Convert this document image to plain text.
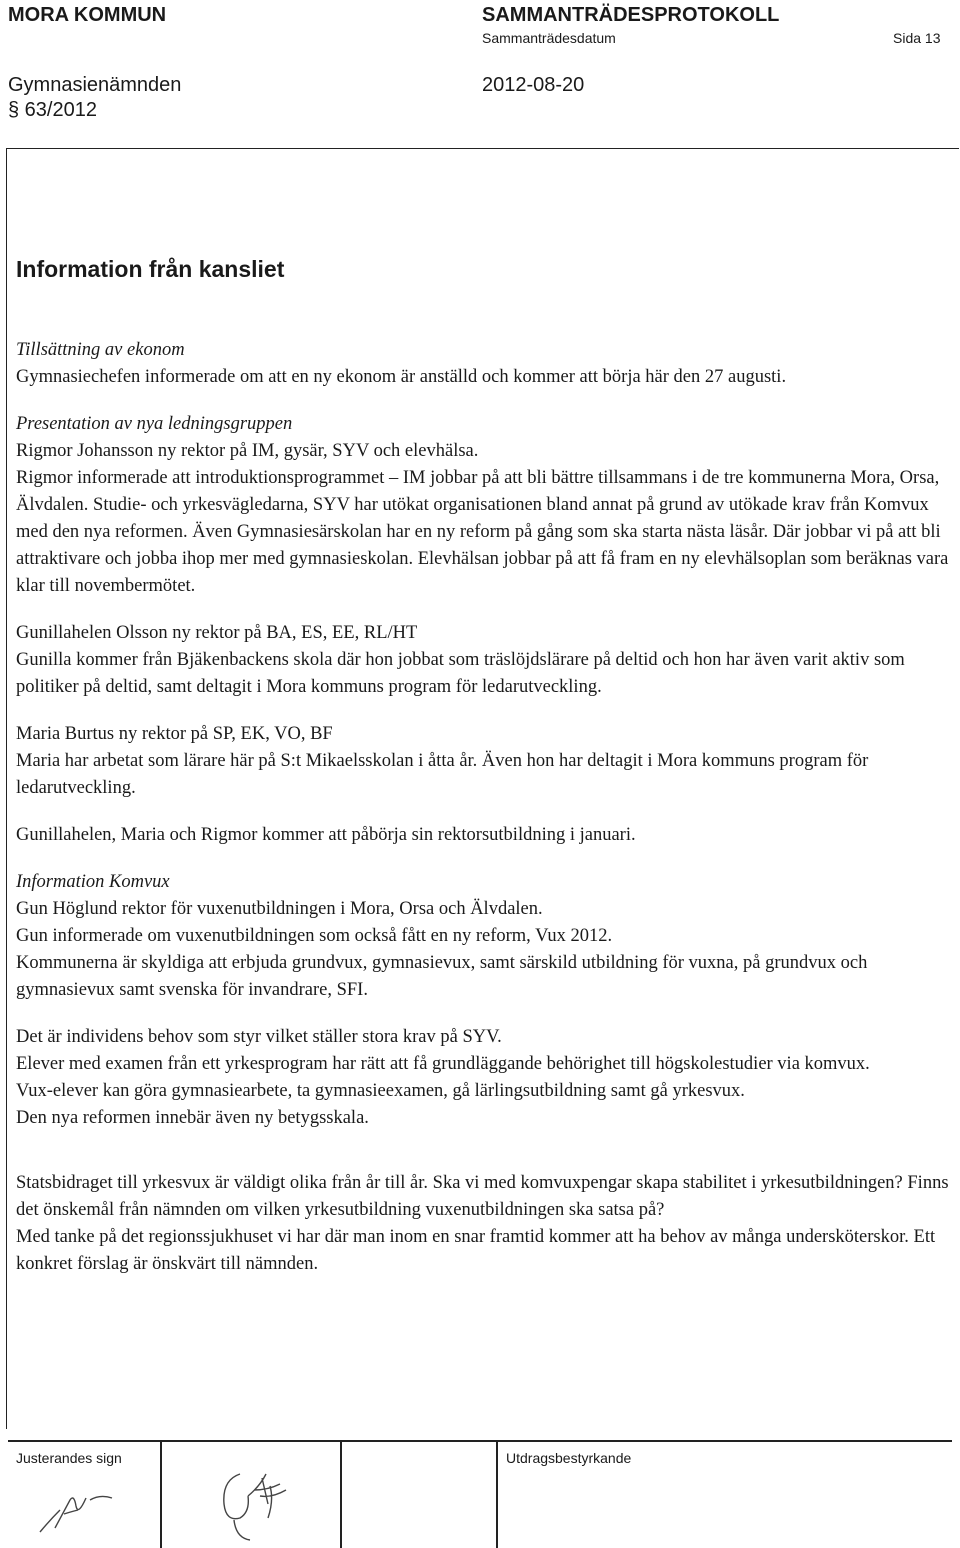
MORA KOMMUN	SAMMANTRÄDESPROTOKOLL
Sammanträdesdatum	Sida 13
Gymnasienämnden	2012-08-20
§ 63/2012
Information från kansliet

Tillsättning av ekonom

Gymnasiechefen informerade om att en ny ekonom är anställd och kommer att börja här den 27 augusti.

Presentation av nya ledningsgruppen

Rigmor Johansson ny rektor på IM, gysär, SYV och elevhälsa.

Rigmor informerade att introduktionsprogrammet – IM jobbar på att bli bättre tillsammans i de tre kommunerna Mora, Orsa, Älvdalen. Studie- och yrkesvägledarna, SYV har utökat organisationen bland annat på grund av utökade krav från Komvux med den nya reformen. Även Gymnasiesärskolan har en ny reform på gång som ska starta nästa läsår. Där jobbar vi på att bli attraktivare och jobba ihop mer med gymnasieskolan. Elevhälsan jobbar på att få fram en ny elevhälsoplan som beräknas vara klar till novembermötet.

Gunillahelen Olsson ny rektor på BA, ES, EE, RL/HT

Gunilla kommer från Bjäkenbackens skola där hon jobbat som träslöjdslärare på deltid och hon har även varit aktiv som politiker på deltid, samt deltagit i Mora kommuns program för ledarutveckling.

Maria Burtus ny rektor på SP, EK, VO, BF

Maria har arbetat som lärare här på S:t Mikaelsskolan i åtta år. Även hon har deltagit i Mora kommuns program för ledarutveckling.

Gunillahelen, Maria och Rigmor kommer att påbörja sin rektorsutbildning i januari.

Information Komvux

Gun Höglund rektor för vuxenutbildningen i Mora, Orsa och Älvdalen.

Gun informerade om vuxenutbildningen som också fått en ny reform, Vux 2012.

Kommunerna är skyldiga att erbjuda grundvux, gymnasievux, samt särskild utbildning för vuxna, på grundvux och gymnasievux samt svenska för invandrare, SFI.

Det är individens behov som styr vilket ställer stora krav på SYV.

Elever med examen från ett yrkesprogram har rätt att få grundläggande behörighet till högskolestudier via komvux.

Vux-elever kan göra gymnasiearbete, ta gymnasieexamen, gå lärlingsutbildning samt gå yrkesvux.

Den nya reformen innebär även ny betygsskala.

Statsbidraget till yrkesvux är väldigt olika från år till år. Ska vi med komvuxpengar skapa stabilitet i yrkesutbildningen? Finns det önskemål från nämnden om vilken yrkesutbildning vuxenutbildningen ska satsa på?

Med tanke på det regionssjukhuset vi har där man inom en snar framtid kommer att ha behov av många undersköterskor. Ett konkret förslag är önskvärt till nämnden.

Justerandes sign	Utdragsbestyrkande
